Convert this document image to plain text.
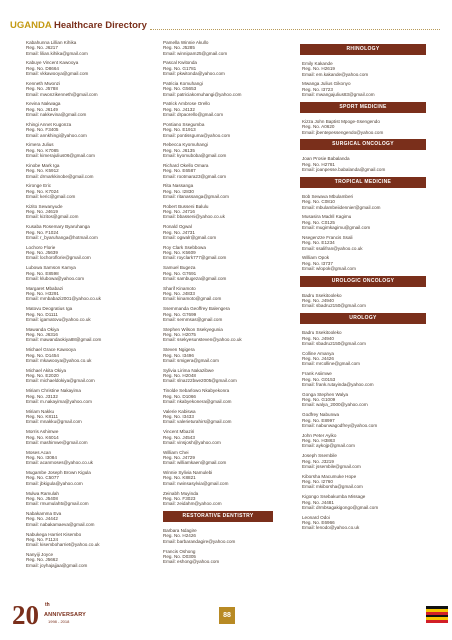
UGANDA Healthcare Directory
Kabahunna Lillian Kihika
Reg. No. J6217
Email: lilian.kihika@gmail.com
Kabuye Vincent Kawooya
Reg. No. D8664
Email: vkkawooya@gmail.com
Kenneth Mwonzi
Reg. No. J5788
Email: mwonzikenneth@gmail.com
Kevina Nakwaga
Reg. No. J6149
Email: nakkevina@gmail.com
Khingi Annet Kugonza
Reg. No. F3405
Email: annkhingi@yahoo.com
Kimera Julius
Reg. No. K7085
Email: kimerajulius06@gmail.com
Kinobe Mark Iga
Reg. No. K5912
Email: drmarkkinobe@gmail.com
Kironge Eric
Reg. No. K7024
Email: keric@gmail.com
Kizito Sewanyude
Reg. No. J4619
Email: kizitos@gmail.com
Kusaba Rosemary Byaruhanga
Reg. No. F1024
Email: r_byaruhanga@hotmail.com
Lochoro Florie
Reg. No. J5639
Email: lochoroflorie@gmail.com
Lubowa Samson Kamya
Reg. No. E8598
Email: klubowa@yahoo.com
Margaret Mbabazi
Reg. No. H3291
Email: mmbabazi2001@yahoo.co.uk
Matovu Deogratius Iga
Reg. No. D1111
Email: igamatovu@yahoo.co.uk
Mawanda Okiya
Reg. No. J6316
Email: mawandaokiya88@gmail.com
Michael Grace Kawooya
Reg. No. D1454
Email: mkawooya@yahoo.co.uk
Michael Akita Okiya
Reg. No. E2020
Email: michaeldokiya@gmail.com
Miriam Christine Nakayima
Reg. No. J3132
Email: m.nakayima@yahoo.com
Miriam Nakku
Reg. No. K8111
Email: mnakku@gmail.com
Morris Ashimwe
Reg. No. K6014
Email: mashimwe@gmail.com
Moses Acan
Reg. No. I3084
Email: acanmoses@yahoo.co.uk
Mugambe Joseph Brown Kigula
Reg. No. C5077
Email: jbkigula@yahoo.com
Mulwa Ramulah
Reg. No. J5408
Email: rmumulah5@gmail.com
Nabakamma Eva
Reg. No. J4442
Email: nabakamaeva@gmail.com
Nabukega Harriet Kisembo
Reg. No. F1124
Email: kisemboharriet@yahoo.co.uk
Nanyiji Joyce
Reg. No. J5662
Email: joyhajajjaa@gmail.com
Pamella Winnie Akullo
Reg. No. J5285
Email: winnipam25@gmail.com
Pascal Kwitonda
Reg. No. G1781
Email: pkwitonda@yahoo.com
Patricia Komuhangi
Reg. No. G5653
Email: patriciakomuhangi@yahoo.com
Patrick Ambrose Orello
Reg. No. J4132
Email: drpaorello@gmail.com
Pontiano Ssegumba
Reg. No. E1913
Email: pontissguma@yahoo.com
Rebecca Kyomuhangi
Reg. No. J6135
Email: kyomuboba@gmail.com
Richard Okello Omara
Reg. No. E6587
Email: rootmara23@gmail.com
Rita Nassanga
Reg. No. I2830
Email: ritanassanga@gmail.com
Robert Busseni Balulu
Reg. No. J4716
Email: bbasseni@yahoo.co.uk
Ronald Ogwal
Reg. No. J4731
Email: ogwalr@gmail.com
Roy Clark Ssebbowa
Reg. No. K5609
Email: royclark777@gmail.com
Samuel Bugeza
Reg. No. G7691
Email: sambugeza@gmail.com
Sharif Kinamoto
Reg. No. J4833
Email: kinamoto@gmail.com
Ssemmanda Geoffrey Balengera
Reg. No. G7699
Email: semmsas@gmail.com
Stephen Wilson Ssekyegunia
Reg. No. H2075
Email: ssekyesunsteven@yahoo.co.uk
Steven Ngigera
Reg. No. I3496
Email: smigera@gmail.com
Sylivia Lirima Nakazibwe
Reg. No. H2048
Email: slnazz2bwe2005@gmail.com
Tinolde Sebarlowo Nkabyekonra
Reg. No. D1066
Email: nkabyekonera@gmail.com
Valerie Kabiswa
Reg. No. I3433
Email: valerieturahirs@gmail.com
Vincent Mbaziri
Reg. No. J4543
Email: vinsjosh@yahoo.com
William Chei
Reg. No. J4729
Email: williamkaen@gmail.com
Winnie Sylivia Namulebi
Reg. No. K8821
Email: nwinsasylvia@gmail.com
Zeinabh Muyinda
Reg. No. F3023
Email: zeidahm@yahoo.com
RESTORATIVE DENTISTRY
Barbara Ndagire
Reg. No. H2426
Email: barbarandagire@yahoo.com
Francis Oshong
Reg. No. D0305
Email: eshong@yahoo.com
RHINOLOGY
Emily Kakande
Reg. No. H2619
Email: em.kakande@yahoo.com
Mwanga Julius Gikonyo
Reg. No. I3723
Email: mwangajulius83@gmail.com
SPORT MEDICINE
Kizza John Baptist Mpoge-Ssengendo
Reg. No. A0620
Email: jbentepessengendo@yahoo.com
SURGICAL ONCOLOGY
Joan Prosie Babalanda
Reg. No. H2781
Email: joanpesse.babalanda@gmail.com
TROPICAL MEDICINE
Bob Sewava Mbulamberi
Reg. No. C0810
Email: mbulambeiidennier@gmail.com
Musasira Madril Kagimu
Reg. No. C0125
Email: mugimkagimu@gmail.com
Nsegenzze Francis Ssali
Reg. No. E1234
Email: ssalifran@yahoo.co.uk
William Opok
Reg. No. I3737
Email: wlopok@gmail.com
UROLOGIC ONCOLOGY
Badru Ssekitooleko
Reg. No. J4940
Email: sbadru2150@gmail.com
UROLOGY
Badru Ssekitooleko
Reg. No. J4940
Email: sbadru2150@gmail.com
Colline Amanya
Reg. No. J4426
Email: mrcolline@gmail.com
Frank Asiimwe
Reg. No. G0153
Email: frank.rutayinda@yahoo.com
Gonga Stephen Walya
Reg. No. G1009
Email: walya_2000@yahoo.com
Godfrey Nabunwa
Reg. No. E8997
Email: nabunwagodfrey@yahoo.com
John Peter Ayiko
Reg. No. H3863
Email: aykojp@gmail.com
Joseph Ssembile
Reg. No. J3219
Email: jssembile@gmail.com
Kiborsha Macumuke Hope
Reg. No. I2760
Email: mkiborsha@gmail.com
Kigongo Ssebakumba Missage
Reg. No. J4481
Email: drmbsagakigongo@gmail.com
Leonard Odoi
Reg. No. E6966
Email: lenodo@yahoo.co.uk
20 th
ANNIVERSARY
1998 - 2018
88
